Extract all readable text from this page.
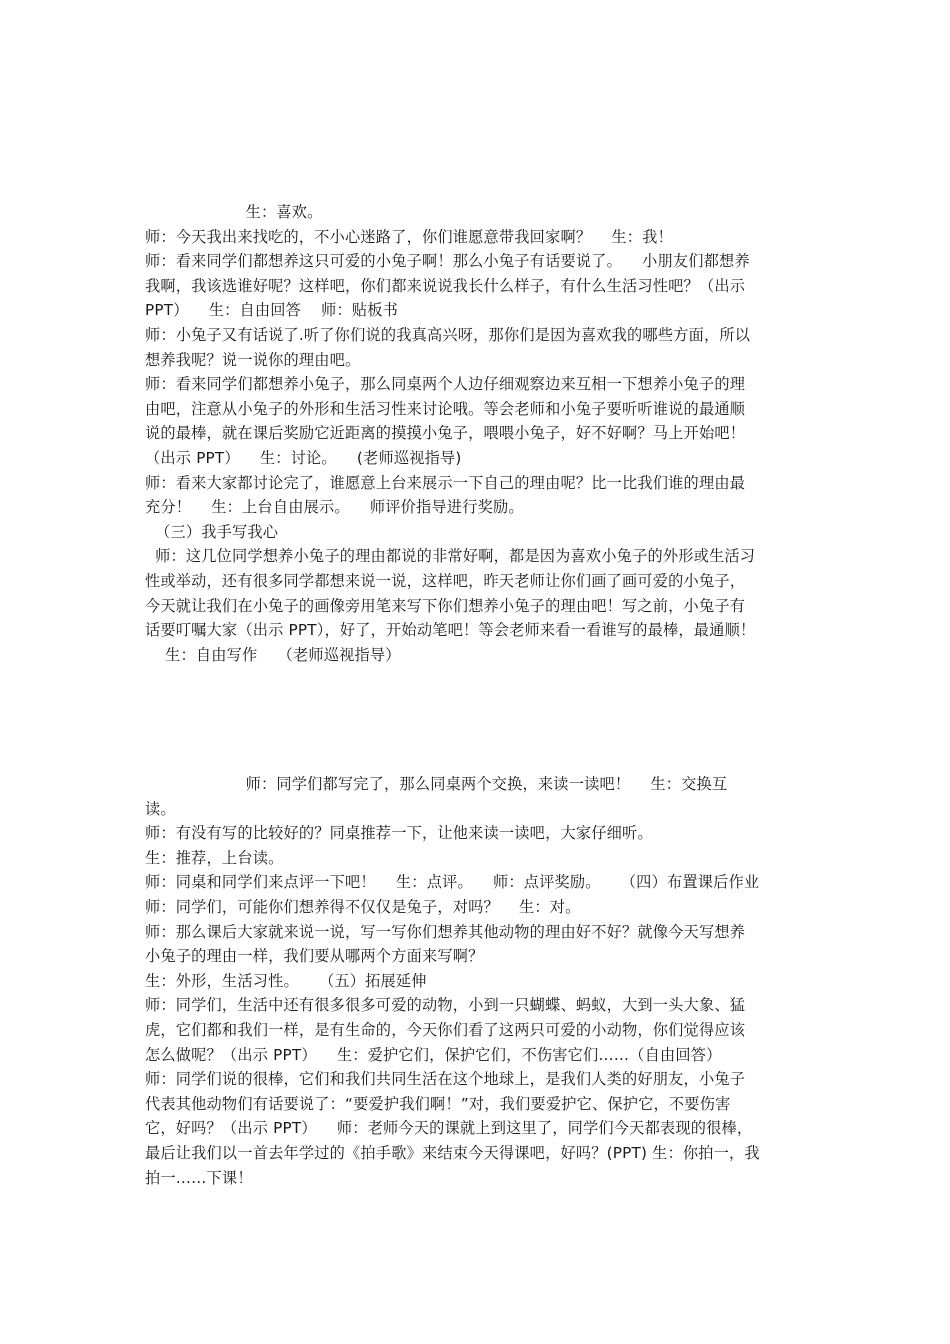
生：喜欢。

师：今天我出来找吃的，不小心迷路了，你们谁愿意带我回家啊？    生：我！

师：看来同学们都想养这只可爱的小兔子啊！那么小兔子有话要说了。    小朋友们都想养

我啊，我该选谁好呢？这样吧，你们都来说说我长什么样子，有什么生活习性吧？（出示

PPT）    生：自由回答    师：贴板书

师：小兔子又有话说了.听了你们说的我真高兴呀，那你们是因为喜欢我的哪些方面，所以

想养我呢？说一说你的理由吧。

师：看来同学们都想养小兔子，那么同桌两个人边仔细观察边来互相一下想养小兔子的理

由吧，注意从小兔子的外形和生活习性来讨论哦。等会老师和小兔子要听听谁说的最通顺

说的最棒，就在课后奖励它近距离的摸摸小兔子，喂喂小兔子，好不好啊？马上开始吧！

（出示 PPT）    生：讨论。    (老师巡视指导)

师：看来大家都讨论完了，谁愿意上台来展示一下自己的理由呢？比一比我们谁的理由最

充分！    生：上台自由展示。    师评价指导进行奖励。

（三）我手写我心

师：这几位同学想养小兔子的理由都说的非常好啊，都是因为喜欢小兔子的外形或生活习

性或举动，还有很多同学都想来说一说，这样吧，昨天老师让你们画了画可爱的小兔子，

今天就让我们在小兔子的画像旁用笔来写下你们想养小兔子的理由吧！写之前，小兔子有

话要叮嘱大家（出示 PPT），好了，开始动笔吧！等会老师来看一看谁写的最棒，最通顺！

生：自由写作    （老师巡视指导）

师：同学们都写完了，那么同桌两个交换，来读一读吧！    生：交换互

读。

师：有没有写的比较好的？同桌推荐一下，让他来读一读吧，大家仔细听。

生：推荐，上台读。

师：同桌和同学们来点评一下吧！    生：点评。    师：点评奖励。    （四）布置课后作业

师：同学们，可能你们想养得不仅仅是兔子，对吗？    生：对。

师：那么课后大家就来说一说，写一写你们想养其他动物的理由好不好？就像今天写想养

小兔子的理由一样，我们要从哪两个方面来写啊？

生：外形，生活习性。    （五）拓展延伸

师：同学们，生活中还有很多很多可爱的动物，小到一只蝴蝶、蚂蚁，大到一头大象、猛

虎，它们都和我们一样，是有生命的，今天你们看了这两只可爱的小动物，你们觉得应该

怎么做呢？（出示 PPT）    生：爱护它们，保护它们，不伤害它们……（自由回答）

师：同学们说的很棒，它们和我们共同生活在这个地球上，是我们人类的好朋友，小兔子

代表其他动物们有话要说了：“要爱护我们啊！”对，我们要爱护它、保护它，不要伤害

它，好吗？（出示 PPT）    师：老师今天的课就上到这里了，同学们今天都表现的很棒，

最后让我们以一首去年学过的《拍手歌》来结束今天得课吧，好吗？(PPT) 生：你拍一，我

拍一……下课！
